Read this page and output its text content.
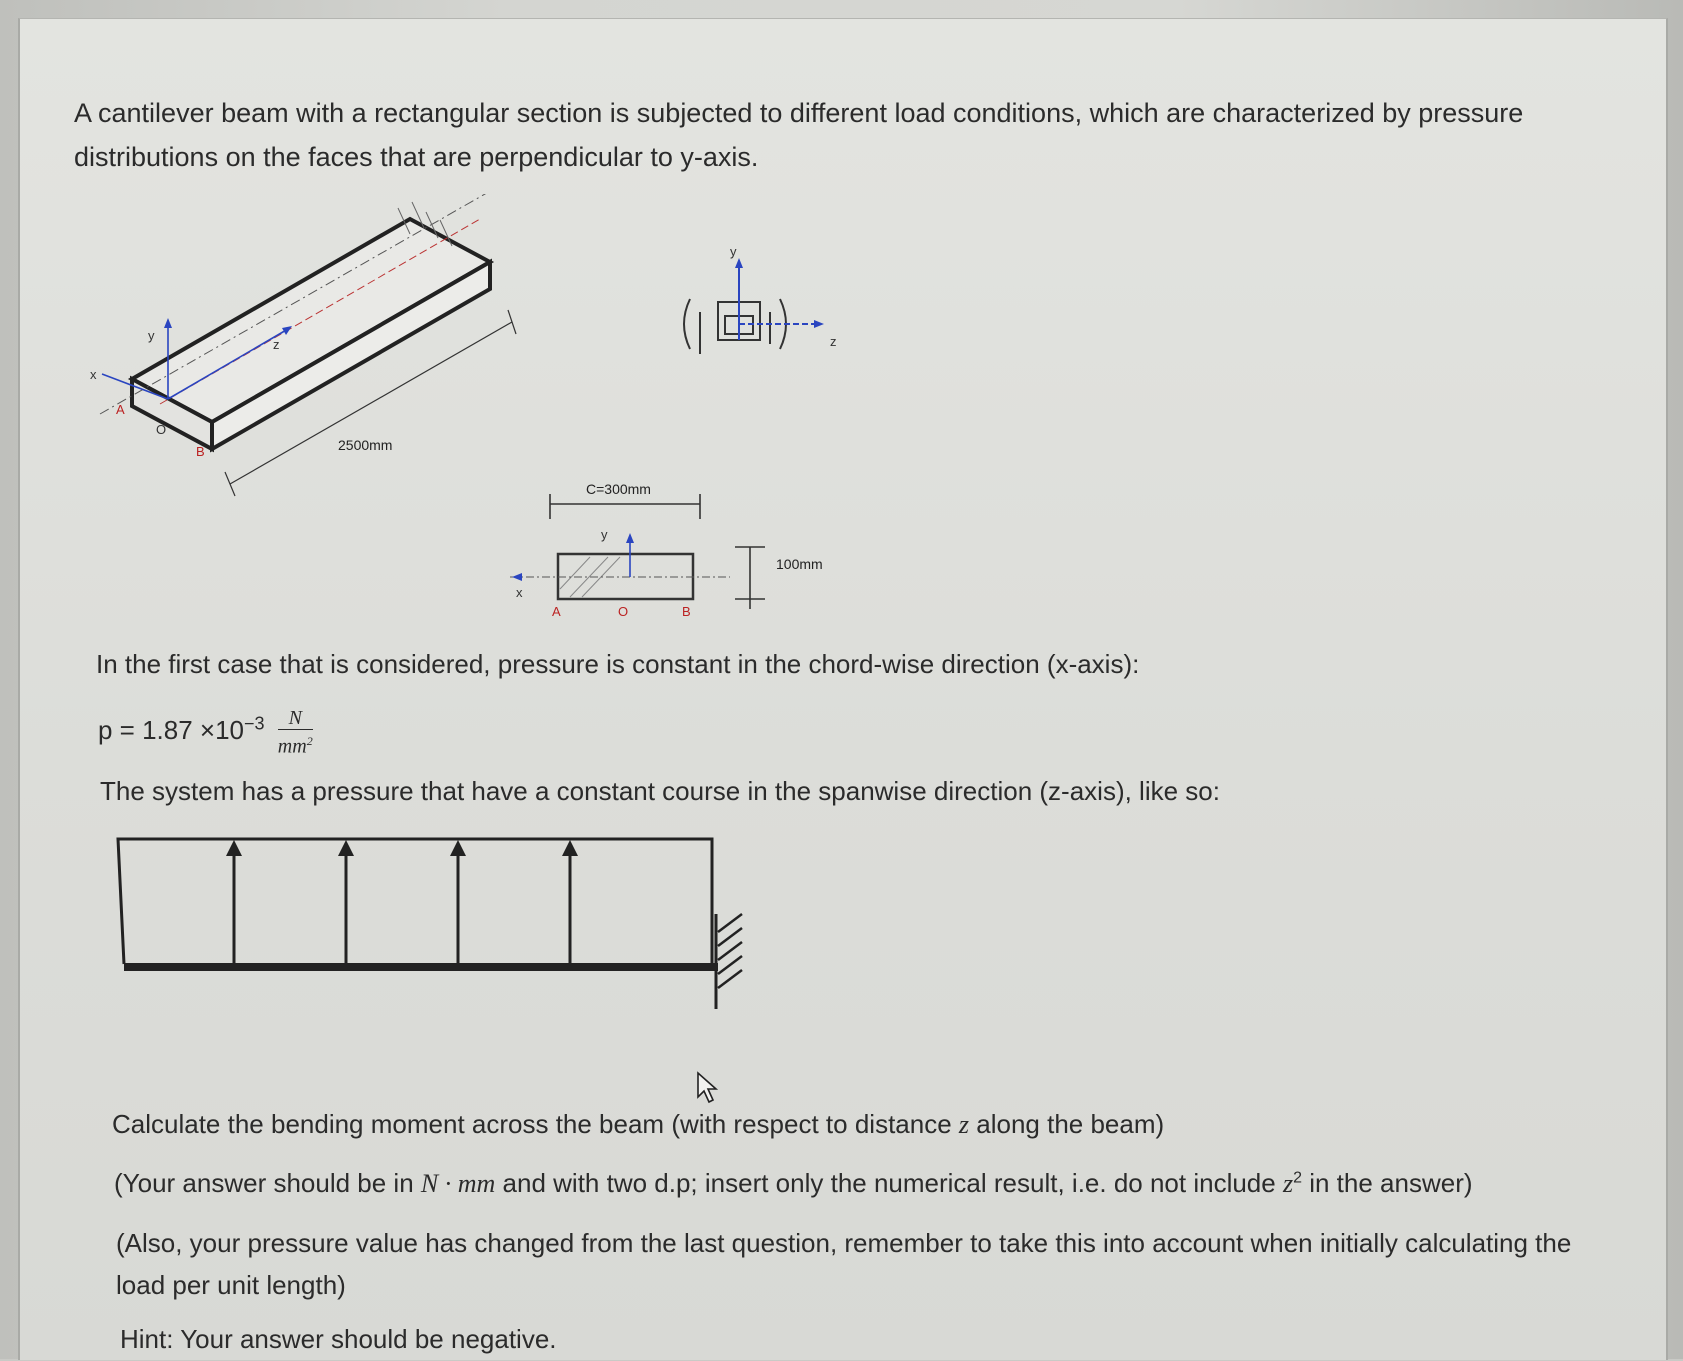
A cantilever beam with a rectangular section is subjected to different load conditions, which are characterized by pressure distributions on the faces that are perpendicular to y-axis.

y
x
z
A
O
B	2500mm
y
z
C=300mm
100mm
y
x
A	O	B

In the first case that is considered, pressure is constant in the chord-wise direction (x-axis):

$p = 1.87 \times 10^{-3} \frac{N}{mm^2}$

The system has a pressure that have a constant course in the spanwise direction (z-axis), like so:

Calculate the bending moment across the beam (with respect to distance z along the beam)

(Your answer should be in N · mm and with two d.p; insert only the numerical result, i.e. do not include $z^2$ in the answer)

(Also, your pressure value has changed from the last question, remember to take this into account when initially calculating the load per unit length)

Hint: Your answer should be negative.
